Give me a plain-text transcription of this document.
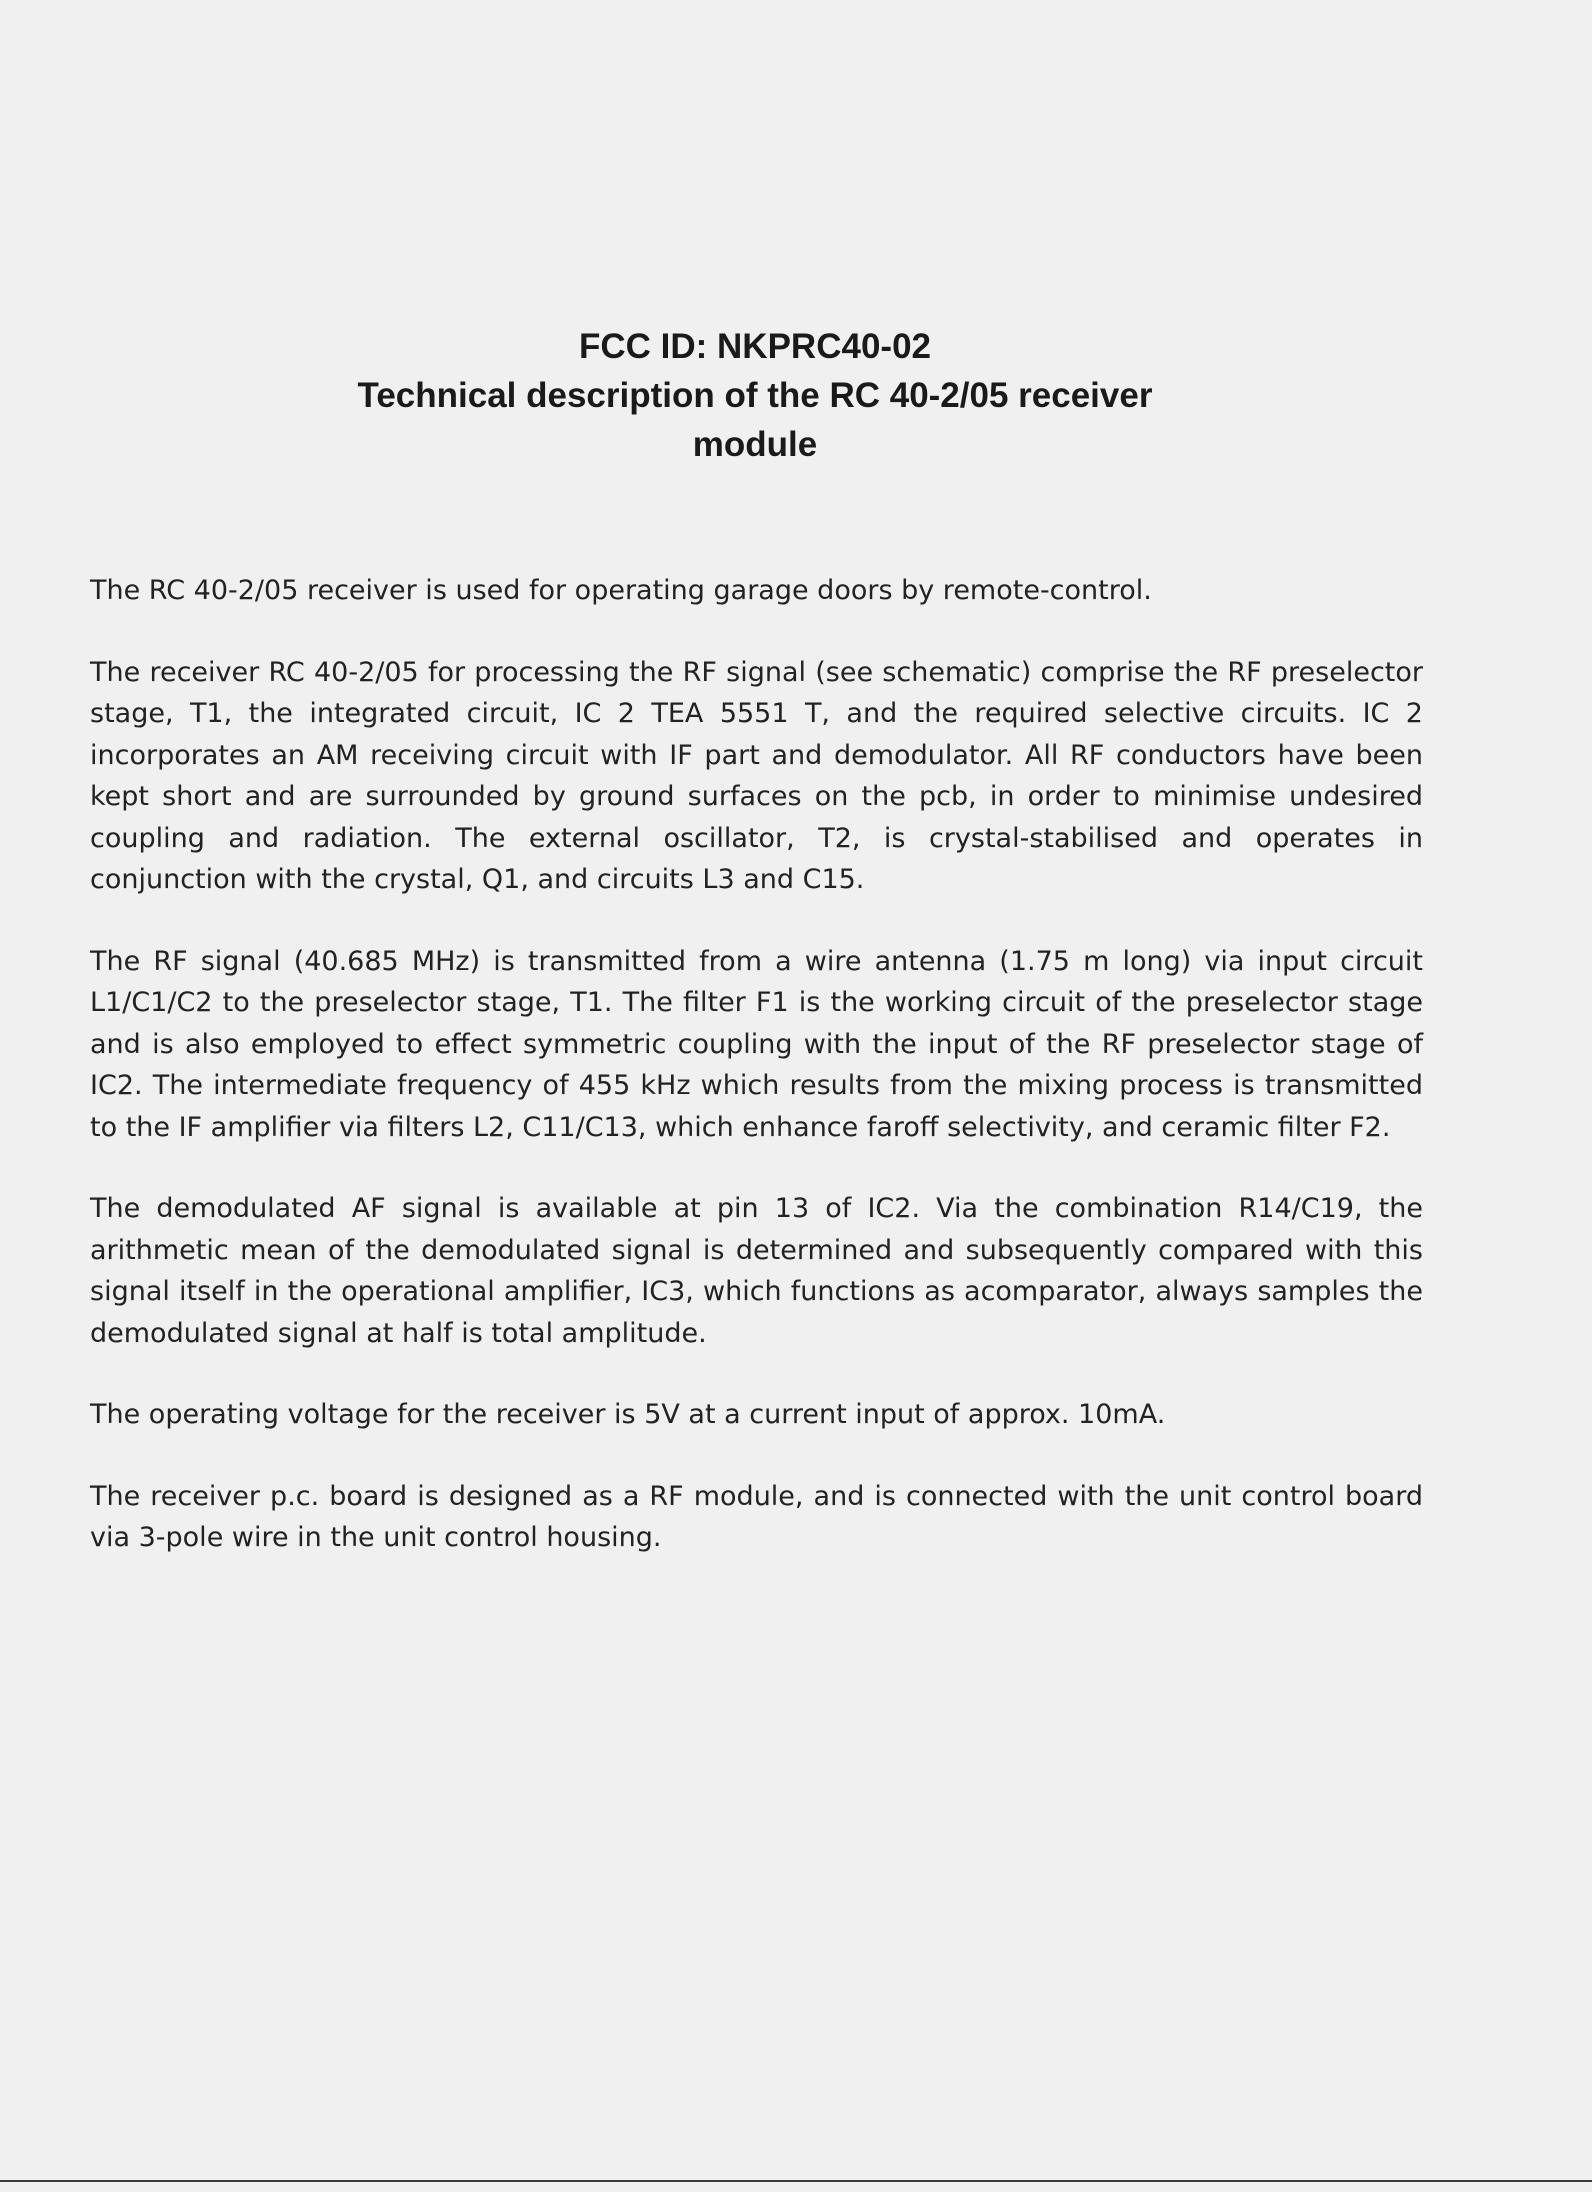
FCC ID: NKPRC40-02
Technical description of the RC 40-2/05 receiver
module

The RC 40-2/05 receiver is used for operating garage doors by remote-control.

The receiver RC 40-2/05 for processing the RF signal (see schematic) comprise the RF preselector stage, T1, the integrated circuit, IC 2 TEA 5551 T, and the required selective circuits. IC 2 incorporates an AM receiving circuit with IF part and demodulator. All RF conductors have been kept short and are surrounded by ground surfaces on the pcb, in order to minimise undesired coupling and radiation. The external oscillator, T2, is crystal-stabilised and operates in conjunction with the crystal, Q1, and circuits L3 and C15.

The RF signal (40.685 MHz) is transmitted from a wire antenna (1.75 m long) via input circuit L1/C1/C2 to the preselector stage, T1. The filter F1 is the working circuit of the preselector stage and is also employed to effect symmetric coupling with the input of the RF preselector stage of IC2. The intermediate frequency of 455 kHz which results from the mixing process is transmitted to the IF amplifier via filters L2, C11/C13, which enhance faroff selectivity, and ceramic filter F2.

The demodulated AF signal is available at pin 13 of IC2. Via the combination R14/C19, the arithmetic mean of the demodulated signal is determined and subsequently compared with this signal itself in the operational amplifier, IC3, which functions as acomparator, always samples the demodulated signal at half is total amplitude.

The operating voltage for the receiver is 5V at a current input of approx. 10mA.

The receiver p.c. board is designed as a RF module, and is connected with the unit control board via 3-pole wire in the unit control housing.
